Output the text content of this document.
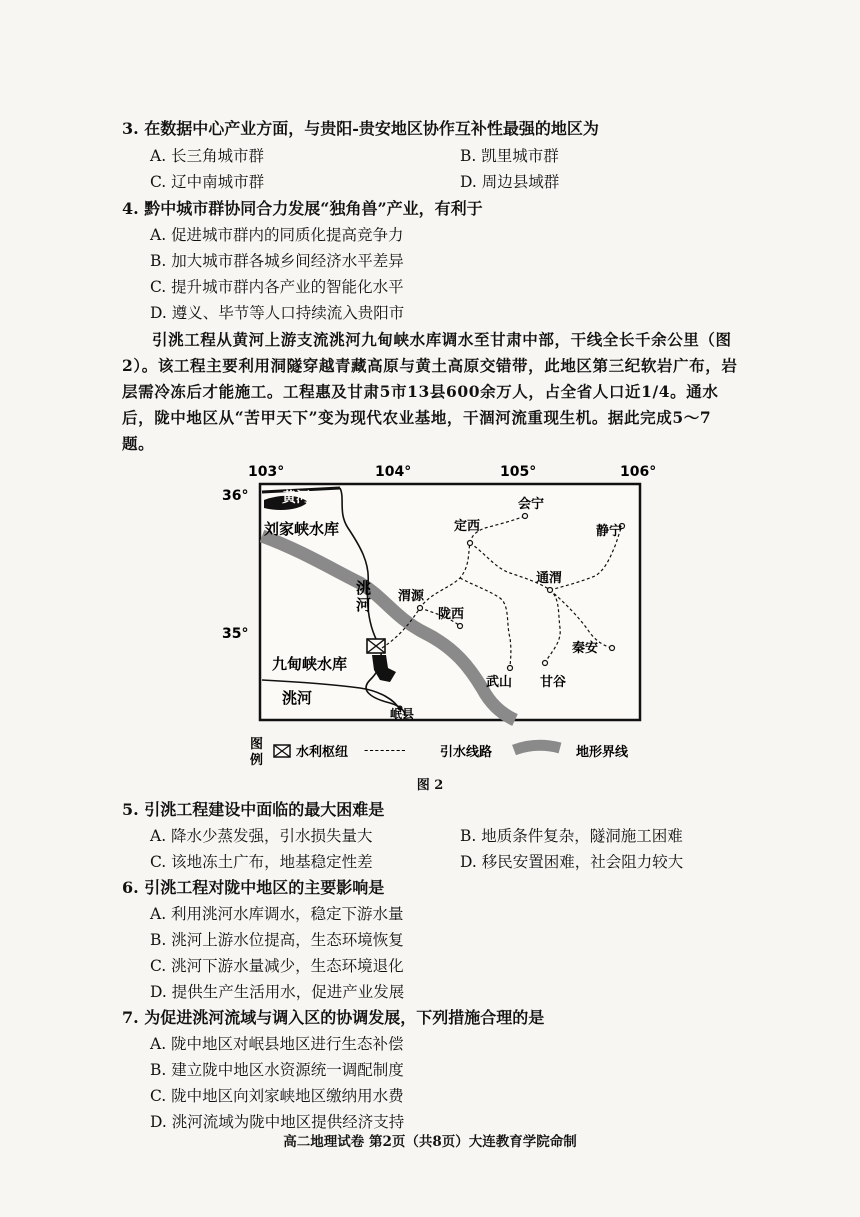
3. 在数据中心产业方面，与贵阳-贵安地区协作互补性最强的地区为
A. 长三角城市群	B. 凯里城市群
C. 辽中南城市群	D. 周边县域群
4. 黔中城市群协同合力发展“独角兽”产业，有利于
A. 促进城市群内的同质化提高竞争力
B. 加大城市群各城乡间经济水平差异
C. 提升城市群内各产业的智能化水平
D. 遵义、毕节等人口持续流入贵阳市
引洮工程从黄河上游支流洮河九甸峡水库调水至甘肃中部，干线全长千余公里（图
2）。该工程主要利用洞隧穿越青藏高原与黄土高原交错带，此地区第三纪软岩广布，岩
层需冷冻后才能施工。工程惠及甘肃5市13县600余万人，占全省人口近1/4。通水
后，陇中地区从“苦甲天下”变为现代农业基地，干涸河流重现生机。据此完成5～7
题。
103°	104°	105°	106°
36°
35°
黄河
刘家峡水库
洮
河
九甸峡水库
洮河
岷县
定西
会宁
静宁
渭源
陇西
通渭
秦安
武山 甘谷
图
例
水利枢纽 --------	引水线路	地形界线
图 2
5. 引洮工程建设中面临的最大困难是
A. 降水少蒸发强，引水损失量大	B. 地质条件复杂，隧洞施工困难
C. 该地冻土广布，地基稳定性差	D. 移民安置困难，社会阻力较大
6. 引洮工程对陇中地区的主要影响是
A. 利用洮河水库调水，稳定下游水量
B. 洮河上游水位提高，生态环境恢复
C. 洮河下游水量减少，生态环境退化
D. 提供生产生活用水，促进产业发展
7. 为促进洮河流域与调入区的协调发展，下列措施合理的是
A. 陇中地区对岷县地区进行生态补偿
B. 建立陇中地区水资源统一调配制度
C. 陇中地区向刘家峡地区缴纳用水费
D. 洮河流域为陇中地区提供经济支持
高二地理试卷 第2页（共8页）大连教育学院命制
